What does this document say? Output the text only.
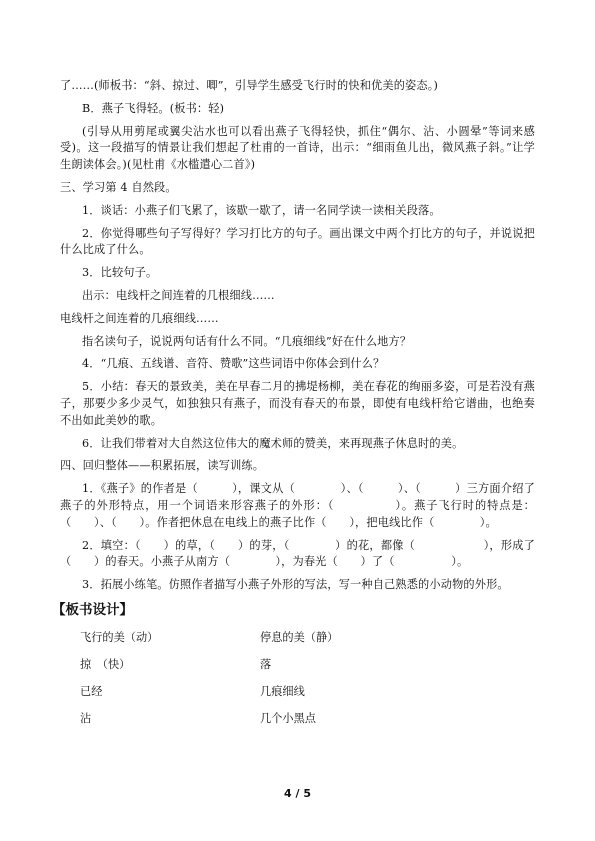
了……(师板书：“斜、掠过、唧”，引导学生感受飞行时的快和优美的姿态。)

B．燕子飞得轻。(板书：轻)

(引导从用剪尾或翼尖沾水也可以看出燕子飞得轻快，抓住“偶尔、沾、小圆晕”等词来感受)。这一段描写的情景让我们想起了杜甫的一首诗，出示：“细雨鱼儿出，微风燕子斜。”让学生朗读体会。)(见杜甫《水槛遣心二首》)

三、学习第 4 自然段。

1．谈话：小燕子们飞累了，该歇一歇了，请一名同学读一读相关段落。

2．你觉得哪些句子写得好？学习打比方的句子。画出课文中两个打比方的句子，并说说把什么比成了什么。

3．比较句子。

出示：电线杆之间连着的几根细线……

电线杆之间连着的几痕细线……

指名读句子，说说两句话有什么不同。“几痕细线”好在什么地方？

4．“几痕、五线谱、音符、赞歌”这些词语中你体会到什么？

5．小结：春天的景致美，美在早春二月的拂堤杨柳，美在春花的绚丽多姿，可是若没有燕子，那要少多少灵气，如独独只有燕子，而没有春天的布景，即使有电线杆给它谱曲，也绝奏不出如此美妙的歌。

6．让我们带着对大自然这位伟大的魔术师的赞美，来再现燕子休息时的美。

四、回归整体——积累拓展，读写训练。

1．《燕子》的作者是（　　　），课文从（　　　　）、（　　　）、（　　　）三方面介绍了燕子的外形特点，用一个词语来形容燕子的外形：（　　　　　）。燕子飞行时的特点是：（　　）、（　　）。作者把休息在电线上的燕子比作（　　），把电线比作（　　　　）。

2．填空：（　　）的草，（　　）的芽，（　　　　）的花，都像（　　　　　　），形成了（　　）的春天。小燕子从南方（　　　　），为春光（　　）了（　　　　　）。

3．拓展小练笔。仿照作者描写小燕子外形的写法，写一种自己熟悉的小动物的外形。

【板书设计】
飞行的美（动）	停息的美（静）
掠　（快）	落
已经	几痕细线
沾	几个小黑点
4 / 5
